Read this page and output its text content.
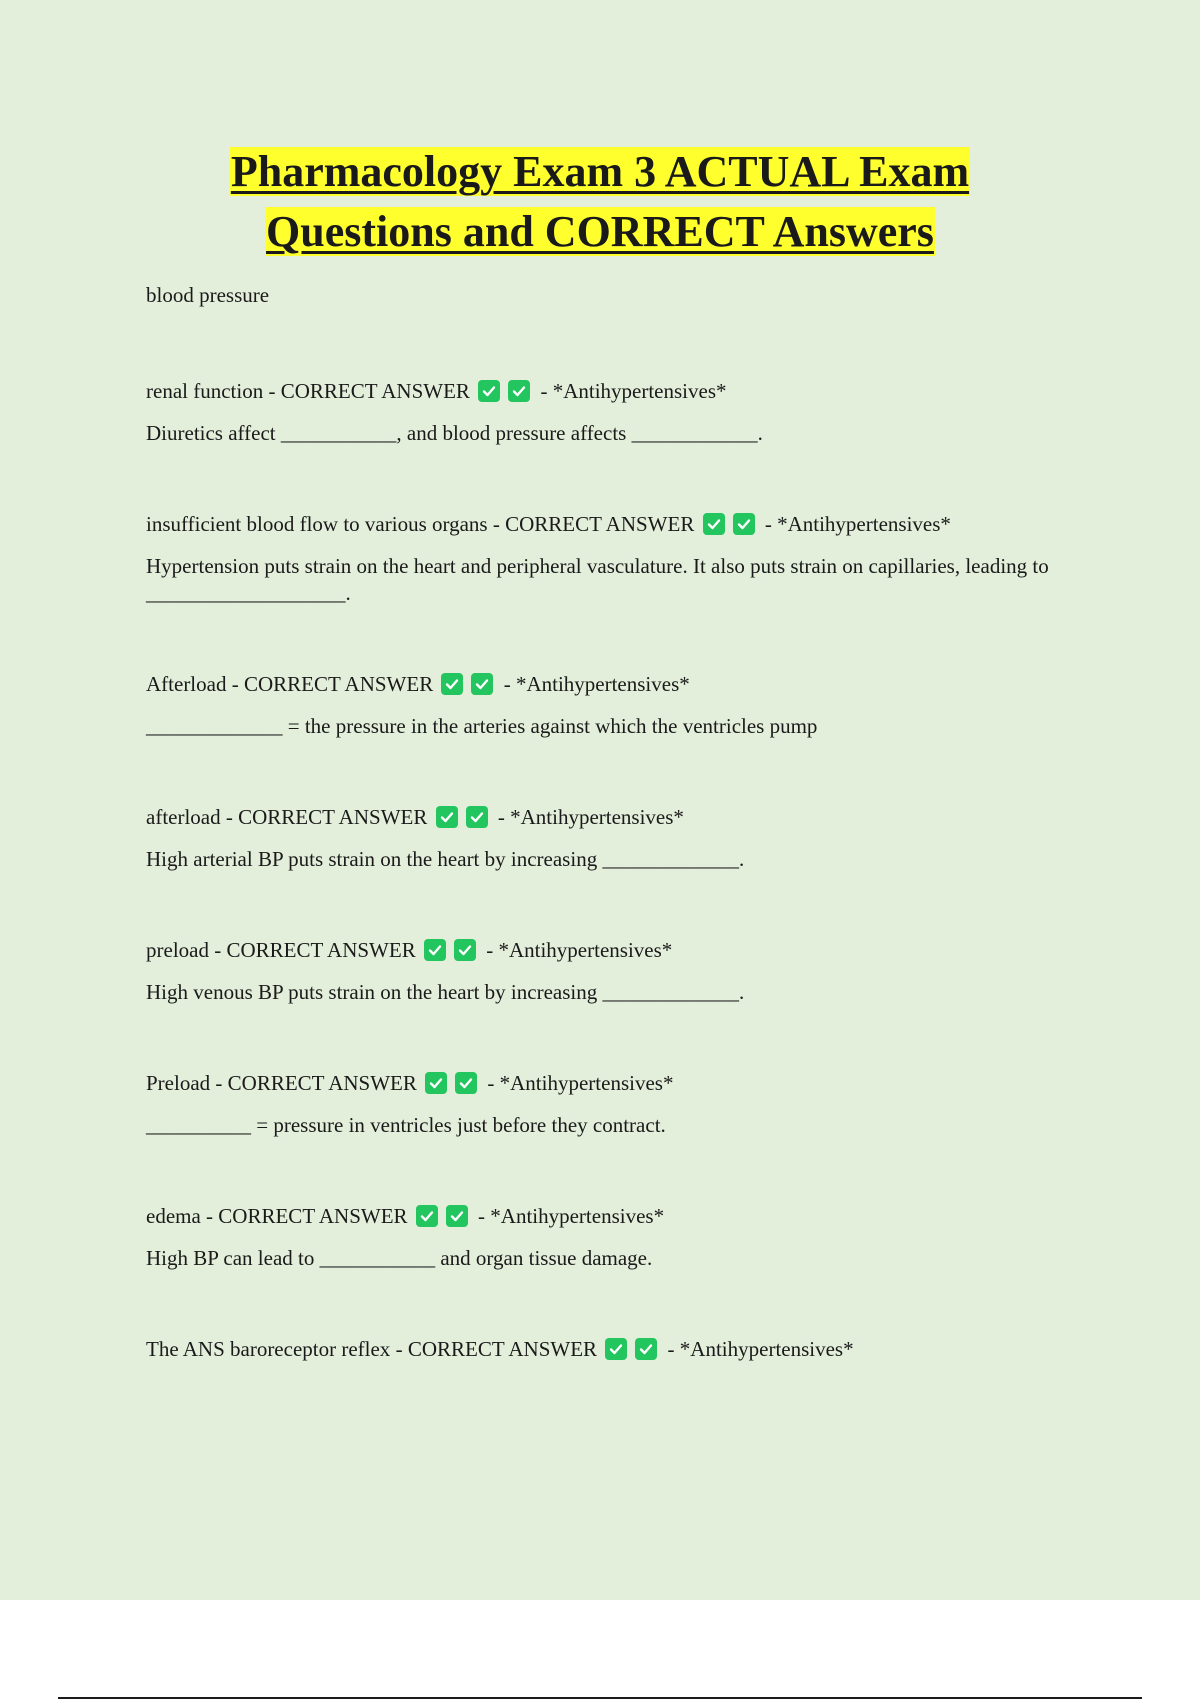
Pharmacology Exam 3 ACTUAL Exam
Questions and CORRECT Answers
blood pressure
renal function - CORRECT ANSWER	- *Antihypertensives*
Diuretics affect ___________, and blood pressure affects ____________.
insufficient blood flow to various organs - CORRECT ANSWER	- *Antihypertensives*
Hypertension puts strain on the heart and peripheral vasculature. It also puts strain on capillaries, leading to ___________________.
Afterload - CORRECT ANSWER	- *Antihypertensives*
_____________ = the pressure in the arteries against which the ventricles pump
afterload - CORRECT ANSWER	- *Antihypertensives*
High arterial BP puts strain on the heart by increasing _____________.
preload - CORRECT ANSWER	- *Antihypertensives*
High venous BP puts strain on the heart by increasing _____________.
Preload - CORRECT ANSWER	- *Antihypertensives*
__________ = pressure in ventricles just before they contract.
edema - CORRECT ANSWER	- *Antihypertensives*
High BP can lead to ___________ and organ tissue damage.
The ANS baroreceptor reflex - CORRECT ANSWER	- *Antihypertensives*
